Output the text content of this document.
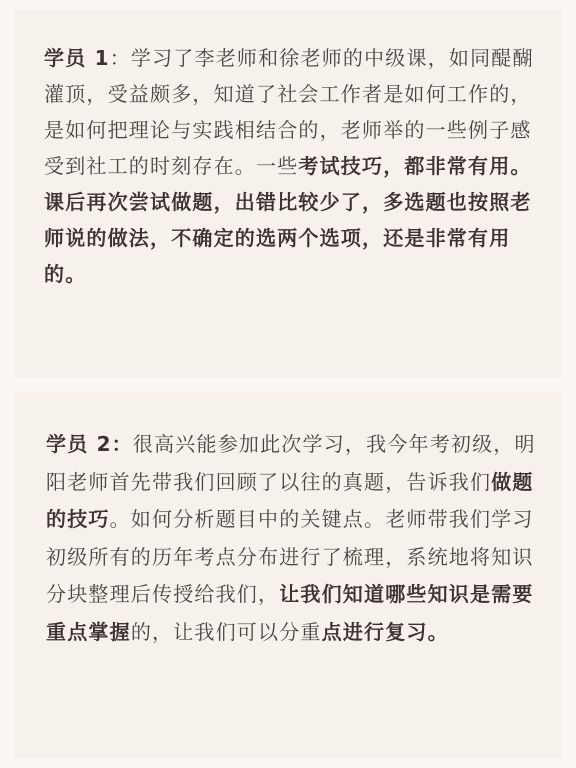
学员 1：学习了李老师和徐老师的中级课，如同醍醐灌顶，受益颇多，知道了社会工作者是如何工作的，是如何把理论与实践相结合的，老师举的一些例子感受到社工的时刻存在。一些考试技巧，都非常有用。课后再次尝试做题，出错比较少了，多选题也按照老师说的做法，不确定的选两个选项，还是非常有用的。

学员 2：很高兴能参加此次学习，我今年考初级，明阳老师首先带我们回顾了以往的真题，告诉我们做题的技巧。如何分析题目中的关键点。老师带我们学习初级所有的历年考点分布进行了梳理，系统地将知识分块整理后传授给我们，让我们知道哪些知识是需要重点掌握的，让我们可以分重点进行复习。
